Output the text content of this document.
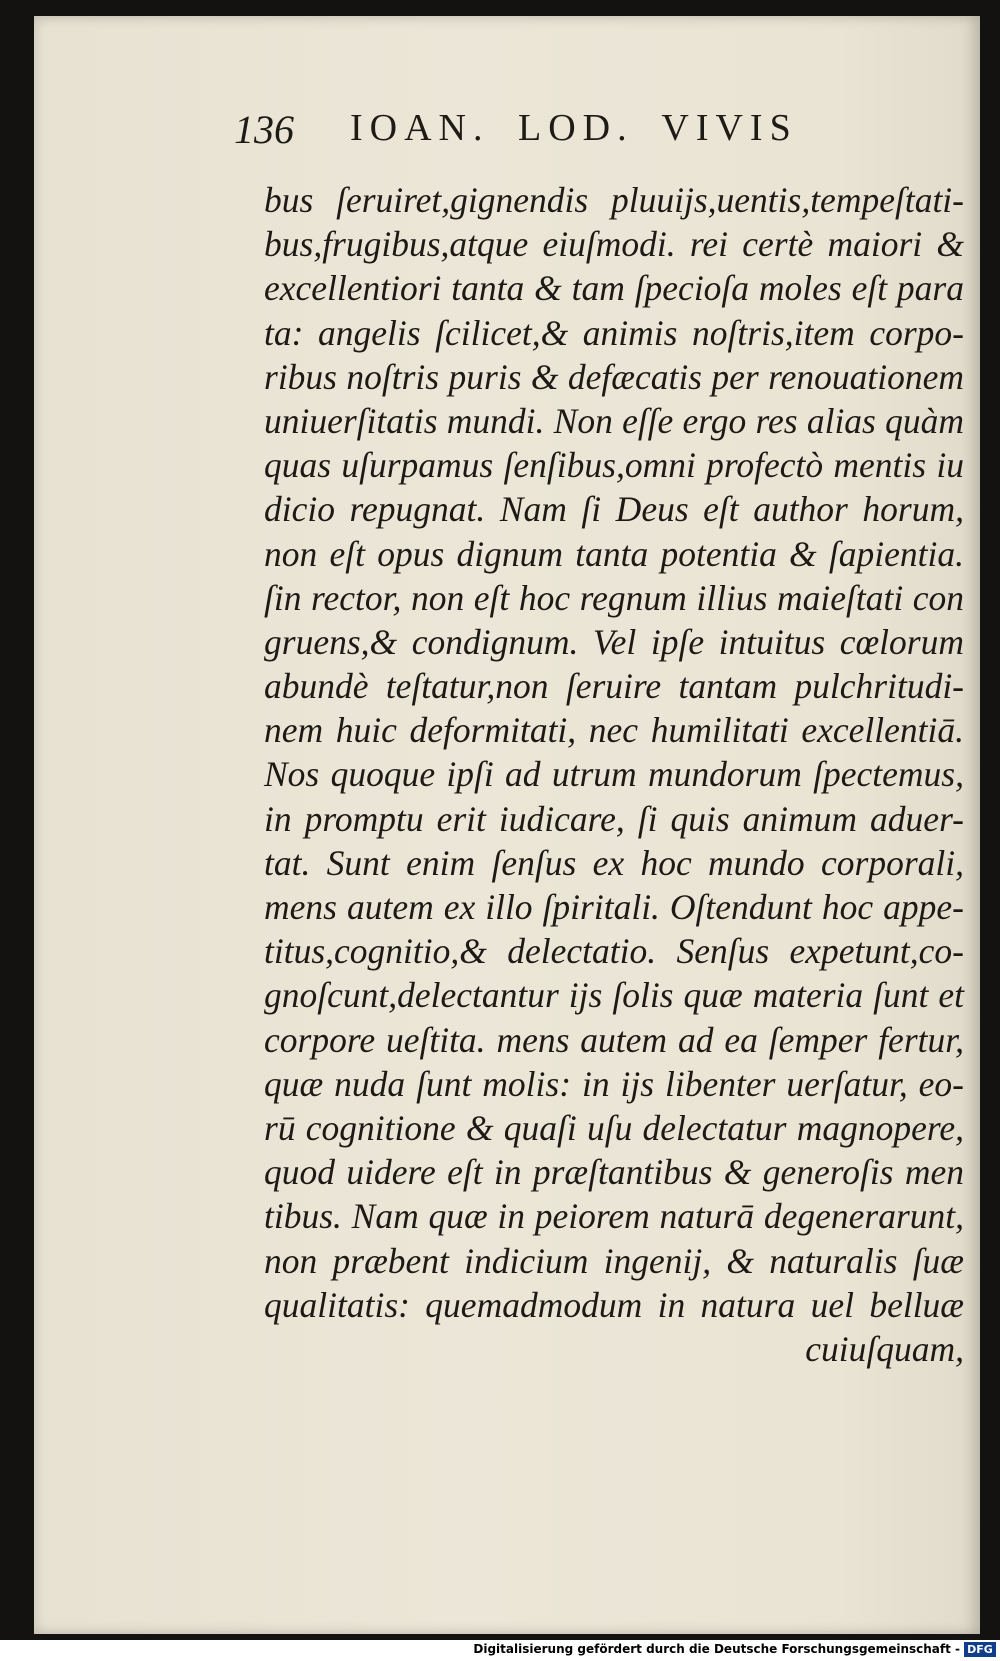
136 IOAN. LOD. VIVIS
bus ſeruiret,gignendis pluuijs,uentis,tempeſtati-
bus,frugibus,atque eiuſmodi. rei certè maiori &
excellentiori tanta & tam ſpecioſa moles eſt para
ta: angelis ſcilicet,& animis noſtris,item corpo-
ribus noſtris puris & defæcatis per renouationem
uniuerſitatis mundi. Non eſſe ergo res alias quàm
quas uſurpamus ſenſibus,omni profectò mentis iu
dicio repugnat. Nam ſi Deus eſt author horum,
non eſt opus dignum tanta potentia & ſapientia.
ſin rector, non eſt hoc regnum illius maieſtati con
gruens,& condignum. Vel ipſe intuitus cœlorum
abundè teſtatur,non ſeruire tantam pulchritudi-
nem huic deformitati, nec humilitati excellentiā.
Nos quoque ipſi ad utrum mundorum ſpectemus,
in promptu erit iudicare, ſi quis animum aduer-
tat. Sunt enim ſenſus ex hoc mundo corporali,
mens autem ex illo ſpiritali. Oſtendunt hoc appe-
titus,cognitio,& delectatio. Senſus expetunt,co-
gnoſcunt,delectantur ijs ſolis quæ materia ſunt et
corpore ueſtita. mens autem ad ea ſemper fertur,
quæ nuda ſunt molis: in ijs libenter uerſatur, eo-
rū cognitione & quaſi uſu delectatur magnopere,
quod uidere eſt in præſtantibus & generoſis men
tibus. Nam quæ in peiorem naturā degenerarunt,
non præbent indicium ingenij, & naturalis ſuæ
qualitatis: quemadmodum in natura uel belluæ
cuiuſquam,
Digitalisierung gefördert durch die Deutsche Forschungsgemeinschaft - DFG
